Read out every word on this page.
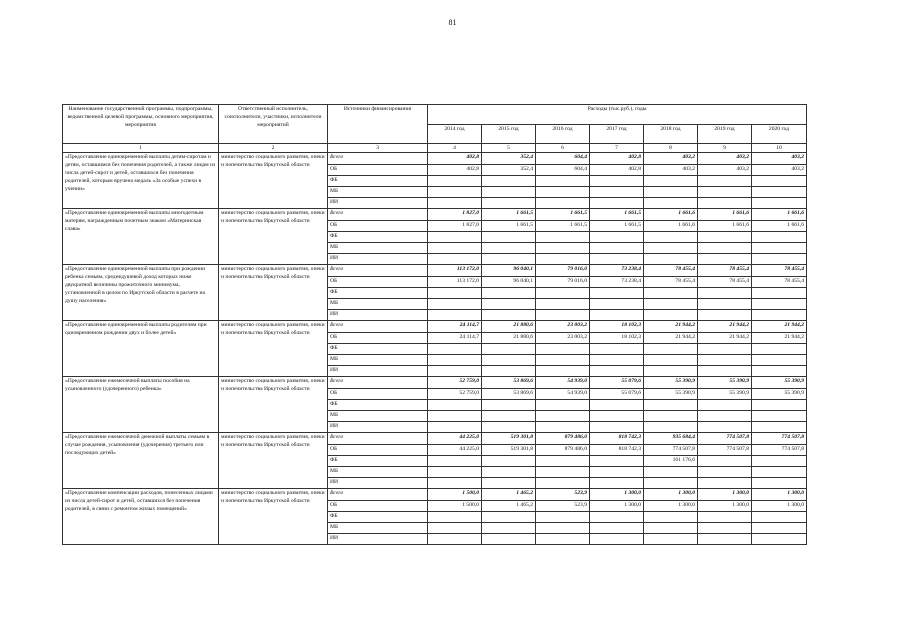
81
Наименование государственной программы, подпрограммы, ведомственной целевой программы, основного мероприятия, мероприятия	Ответственный исполнитель, соисполнители, участники, исполнители мероприятий	Источники финансирования	Расходы (тыс.руб.), годы						
			2014 год	2015 год	2016 год	2017 год	2018 год	2019 год	2020 год
1	2	3	4	5	6	7	8	9	10
«Предоставление единовременной выплаты детям-сиротам и детям, оставшимся без попечения родителей, а также лицам из числа детей-сирот и детей, оставшихся без попечения родителей, которым вручена медаль «За особые успехи в учении»	министерство социального развития, опеки и попечительства Иркутской области	Всего	402,8	352,4	604,4	402,8	403,2	403,2	403,2
		ОБ	402,8	352,4	604,4	402,8	403,2	403,2	403,2
		ФБ							
		МБ							
		ИИ							
«Предоставление единовременной выплаты многодетным матерям, награжденным почетным знаком «Материнская слава»	министерство социального развития, опеки и попечительства Иркутской области	Всего	1 827,0	1 661,5	1 661,5	1 661,5	1 661,6	1 661,6	1 661,6
		ОБ	1 827,0	1 661,5	1 661,5	1 661,5	1 661,6	1 661,6	1 661,6
		ФБ							
		МБ							
		ИИ							
«Предоставление единовременной выплаты при рождении ребенка семьям, среднедушевой доход которых ниже двукратной величины прожиточного минимума, установленной в целом по Иркутской области в расчете на душу населения»	министерство социального развития, опеки и попечительства Иркутской области	Всего	113 172,0	96 040,1	79 016,0	73 238,4	78 455,4	78 455,4	78 455,4
		ОБ	113 172,0	96 040,1	79 016,0	73 238,4	78 455,4	78 455,4	78 455,4
		ФБ							
		МБ							
		ИИ							
«Предоставление единовременной выплаты родителям при одновременном рождении двух и более детей»	министерство социального развития, опеки и попечительства Иркутской области	Всего	24 114,7	21 880,6	23 003,2	18 102,3	21 944,2	21 944,2	21 944,2
		ОБ	24 114,7	21 880,6	23 003,2	18 102,3	21 944,2	21 944,2	21 944,2
		ФБ							
		МБ							
		ИИ							
«Предоставление ежемесячной выплаты пособия на усыновленного (удочеренного) ребенка»	министерство социального развития, опеки и попечительства Иркутской области	Всего	52 759,0	53 869,6	54 939,0	55 079,6	55 390,9	55 390,9	55 390,9
		ОБ	52 759,0	53 869,6	54 939,0	55 079,6	55 390,9	55 390,9	55 390,9
		ФБ							
		МБ							
		ИИ							
«Предоставление ежемесячной денежной выплаты семьям в случае рождения, усыновления (удочерения) третьего или последующих детей»	министерство социального развития, опеки и попечительства Иркутской области	Всего	44 225,0	519 301,8	879 486,0	818 742,3	935 684,4	774 507,8	774 507,8
		ОБ	44 225,0	519 301,8	879 486,0	818 742,3	774 507,8	774 507,8	774 507,8
		ФБ					161 176,6		
		МБ							
		ИИ							
«Предоставление компенсации расходов, понесенных лицами из числа детей-сирот и детей, оставшихся без попечения родителей, в связи с ремонтом жилых помещений»	министерство социального развития, опеки и попечительства Иркутской области	Всего	1 500,0	1 465,2	523,9	1 300,0	1 300,0	1 300,0	1 300,0
		ОБ	1 500,0	1 465,2	523,9	1 300,0	1 300,0	1 300,0	1 300,0
		ФБ							
		МБ							
		ИИ							
